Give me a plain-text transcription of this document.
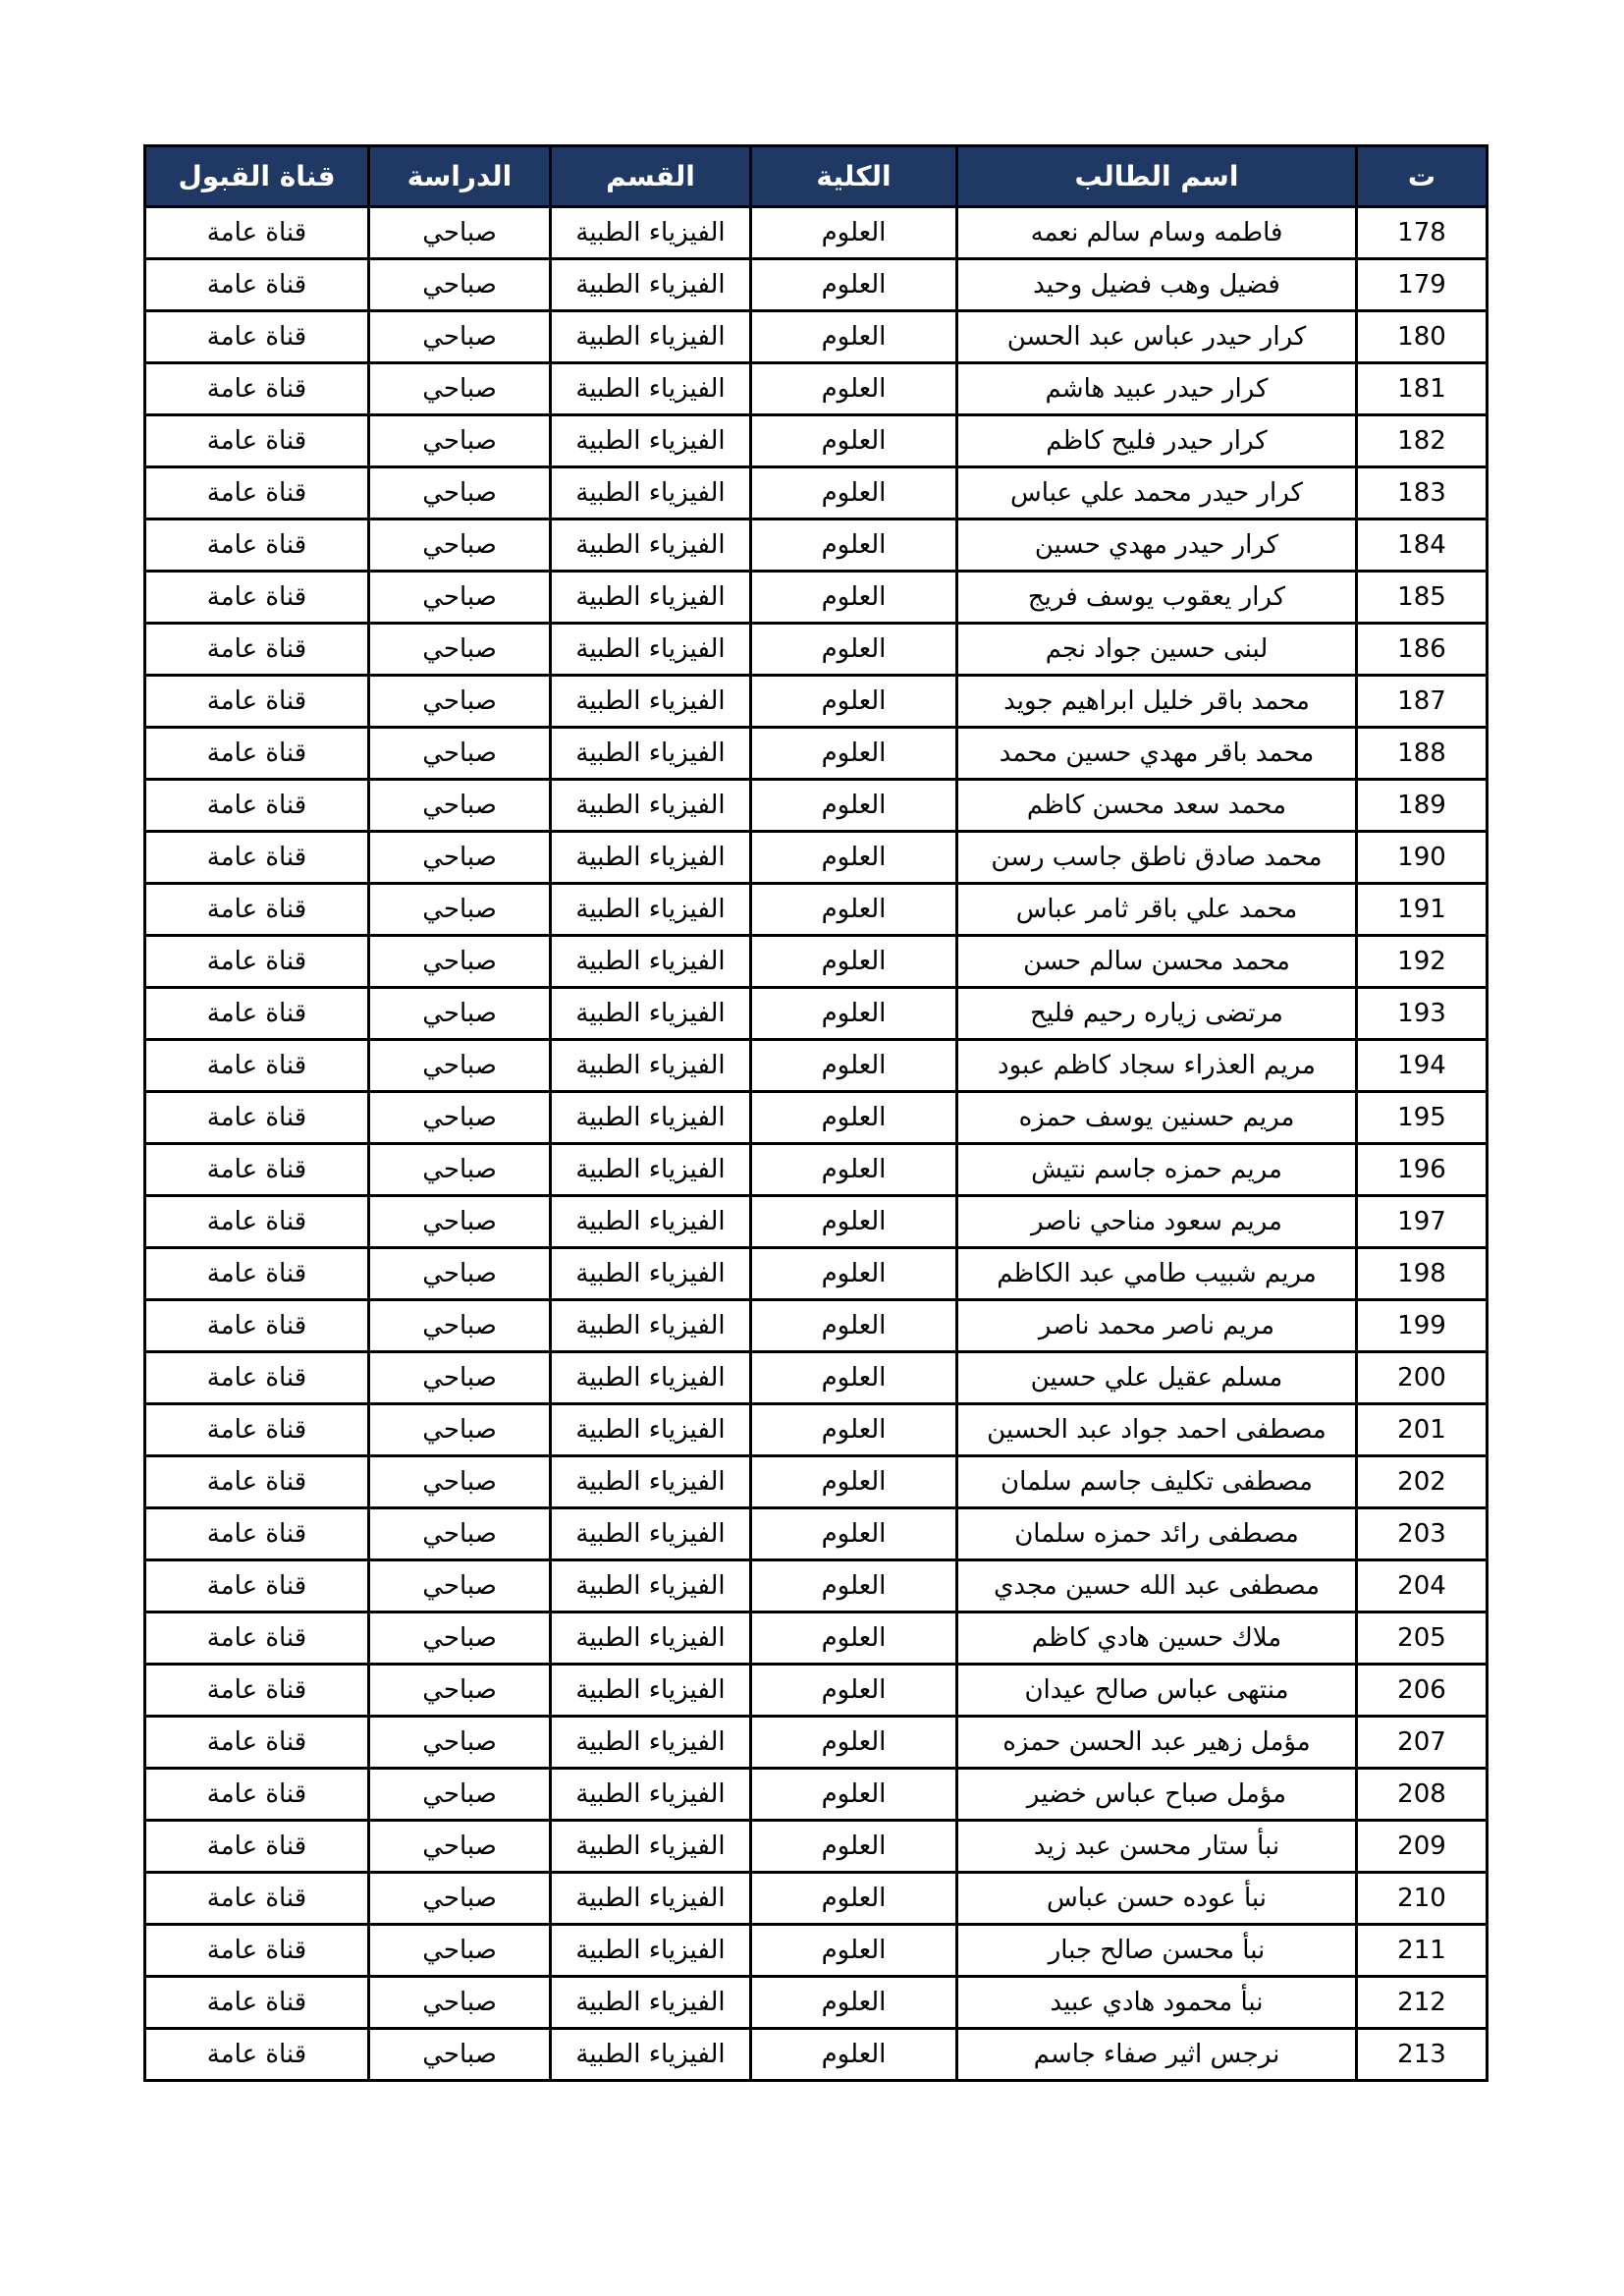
ت	اسم الطالب	الكلية	القسم	الدراسة	قناة القبول
178	فاطمه وسام سالم نعمه	العلوم	الفيزياء الطبية	صباحي	قناة عامة
179	فضيل وهب فضيل وحيد	العلوم	الفيزياء الطبية	صباحي	قناة عامة
180	كرار حيدر عباس عبد الحسن	العلوم	الفيزياء الطبية	صباحي	قناة عامة
181	كرار حيدر عبيد هاشم	العلوم	الفيزياء الطبية	صباحي	قناة عامة
182	كرار حيدر فليح كاظم	العلوم	الفيزياء الطبية	صباحي	قناة عامة
183	كرار حيدر محمد علي عباس	العلوم	الفيزياء الطبية	صباحي	قناة عامة
184	كرار حيدر مهدي حسين	العلوم	الفيزياء الطبية	صباحي	قناة عامة
185	كرار يعقوب يوسف فريج	العلوم	الفيزياء الطبية	صباحي	قناة عامة
186	لبنى حسين جواد نجم	العلوم	الفيزياء الطبية	صباحي	قناة عامة
187	محمد باقر خليل ابراهيم جويد	العلوم	الفيزياء الطبية	صباحي	قناة عامة
188	محمد باقر مهدي حسين محمد	العلوم	الفيزياء الطبية	صباحي	قناة عامة
189	محمد سعد محسن كاظم	العلوم	الفيزياء الطبية	صباحي	قناة عامة
190	محمد صادق ناطق جاسب رسن	العلوم	الفيزياء الطبية	صباحي	قناة عامة
191	محمد علي باقر ثامر عباس	العلوم	الفيزياء الطبية	صباحي	قناة عامة
192	محمد محسن سالم حسن	العلوم	الفيزياء الطبية	صباحي	قناة عامة
193	مرتضى زياره رحيم فليح	العلوم	الفيزياء الطبية	صباحي	قناة عامة
194	مريم العذراء سجاد كاظم عبود	العلوم	الفيزياء الطبية	صباحي	قناة عامة
195	مريم حسنين يوسف حمزه	العلوم	الفيزياء الطبية	صباحي	قناة عامة
196	مريم حمزه جاسم نتيش	العلوم	الفيزياء الطبية	صباحي	قناة عامة
197	مريم سعود مناحي ناصر	العلوم	الفيزياء الطبية	صباحي	قناة عامة
198	مريم شبيب طامي عبد الكاظم	العلوم	الفيزياء الطبية	صباحي	قناة عامة
199	مريم ناصر محمد ناصر	العلوم	الفيزياء الطبية	صباحي	قناة عامة
200	مسلم عقيل علي حسين	العلوم	الفيزياء الطبية	صباحي	قناة عامة
201	مصطفى احمد جواد عبد الحسين	العلوم	الفيزياء الطبية	صباحي	قناة عامة
202	مصطفى تكليف جاسم سلمان	العلوم	الفيزياء الطبية	صباحي	قناة عامة
203	مصطفى رائد حمزه سلمان	العلوم	الفيزياء الطبية	صباحي	قناة عامة
204	مصطفى عبد الله حسين مجدي	العلوم	الفيزياء الطبية	صباحي	قناة عامة
205	ملاك حسين هادي كاظم	العلوم	الفيزياء الطبية	صباحي	قناة عامة
206	منتهى عباس صالح عيدان	العلوم	الفيزياء الطبية	صباحي	قناة عامة
207	مؤمل زهير عبد الحسن حمزه	العلوم	الفيزياء الطبية	صباحي	قناة عامة
208	مؤمل صباح عباس خضير	العلوم	الفيزياء الطبية	صباحي	قناة عامة
209	نبأ ستار محسن عبد زيد	العلوم	الفيزياء الطبية	صباحي	قناة عامة
210	نبأ عوده حسن عباس	العلوم	الفيزياء الطبية	صباحي	قناة عامة
211	نبأ محسن صالح جبار	العلوم	الفيزياء الطبية	صباحي	قناة عامة
212	نبأ محمود هادي عبيد	العلوم	الفيزياء الطبية	صباحي	قناة عامة
213	نرجس اثير صفاء جاسم	العلوم	الفيزياء الطبية	صباحي	قناة عامة
